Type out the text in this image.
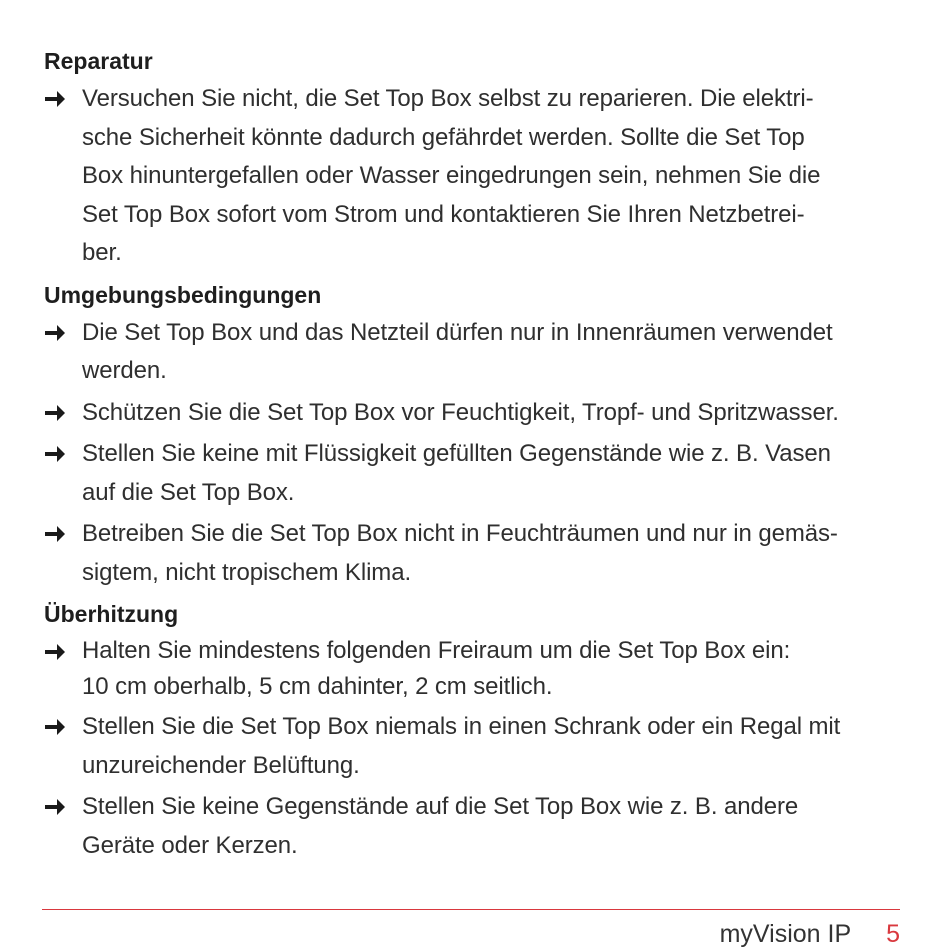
Reparatur
Versuchen Sie nicht, die Set Top Box selbst zu reparieren. Die elektri-
sche Sicherheit könnte dadurch gefährdet werden. Sollte die Set Top
Box hinuntergefallen oder Wasser eingedrungen sein, nehmen Sie die
Set Top Box sofort vom Strom und kontaktieren Sie Ihren Netzbetrei-
ber.
Umgebungsbedingungen
Die Set Top Box und das Netzteil dürfen nur in Innenräumen verwendet
werden.
Schützen Sie die Set Top Box vor Feuchtigkeit, Tropf- und Spritzwasser.
Stellen Sie keine mit Flüssigkeit gefüllten Gegenstände wie z. B. Vasen
auf die Set Top Box.
Betreiben Sie die Set Top Box nicht in Feuchträumen und nur in gemäs-
sigtem, nicht tropischem Klima.
Überhitzung
Halten Sie mindestens folgenden Freiraum um die Set Top Box ein:
10 cm oberhalb, 5 cm dahinter, 2 cm seitlich.
Stellen Sie die Set Top Box niemals in einen Schrank oder ein Regal mit
unzureichender Belüftung.
Stellen Sie keine Gegenstände auf die Set Top Box wie z. B. andere
Geräte oder Kerzen.
myVision IP 5
